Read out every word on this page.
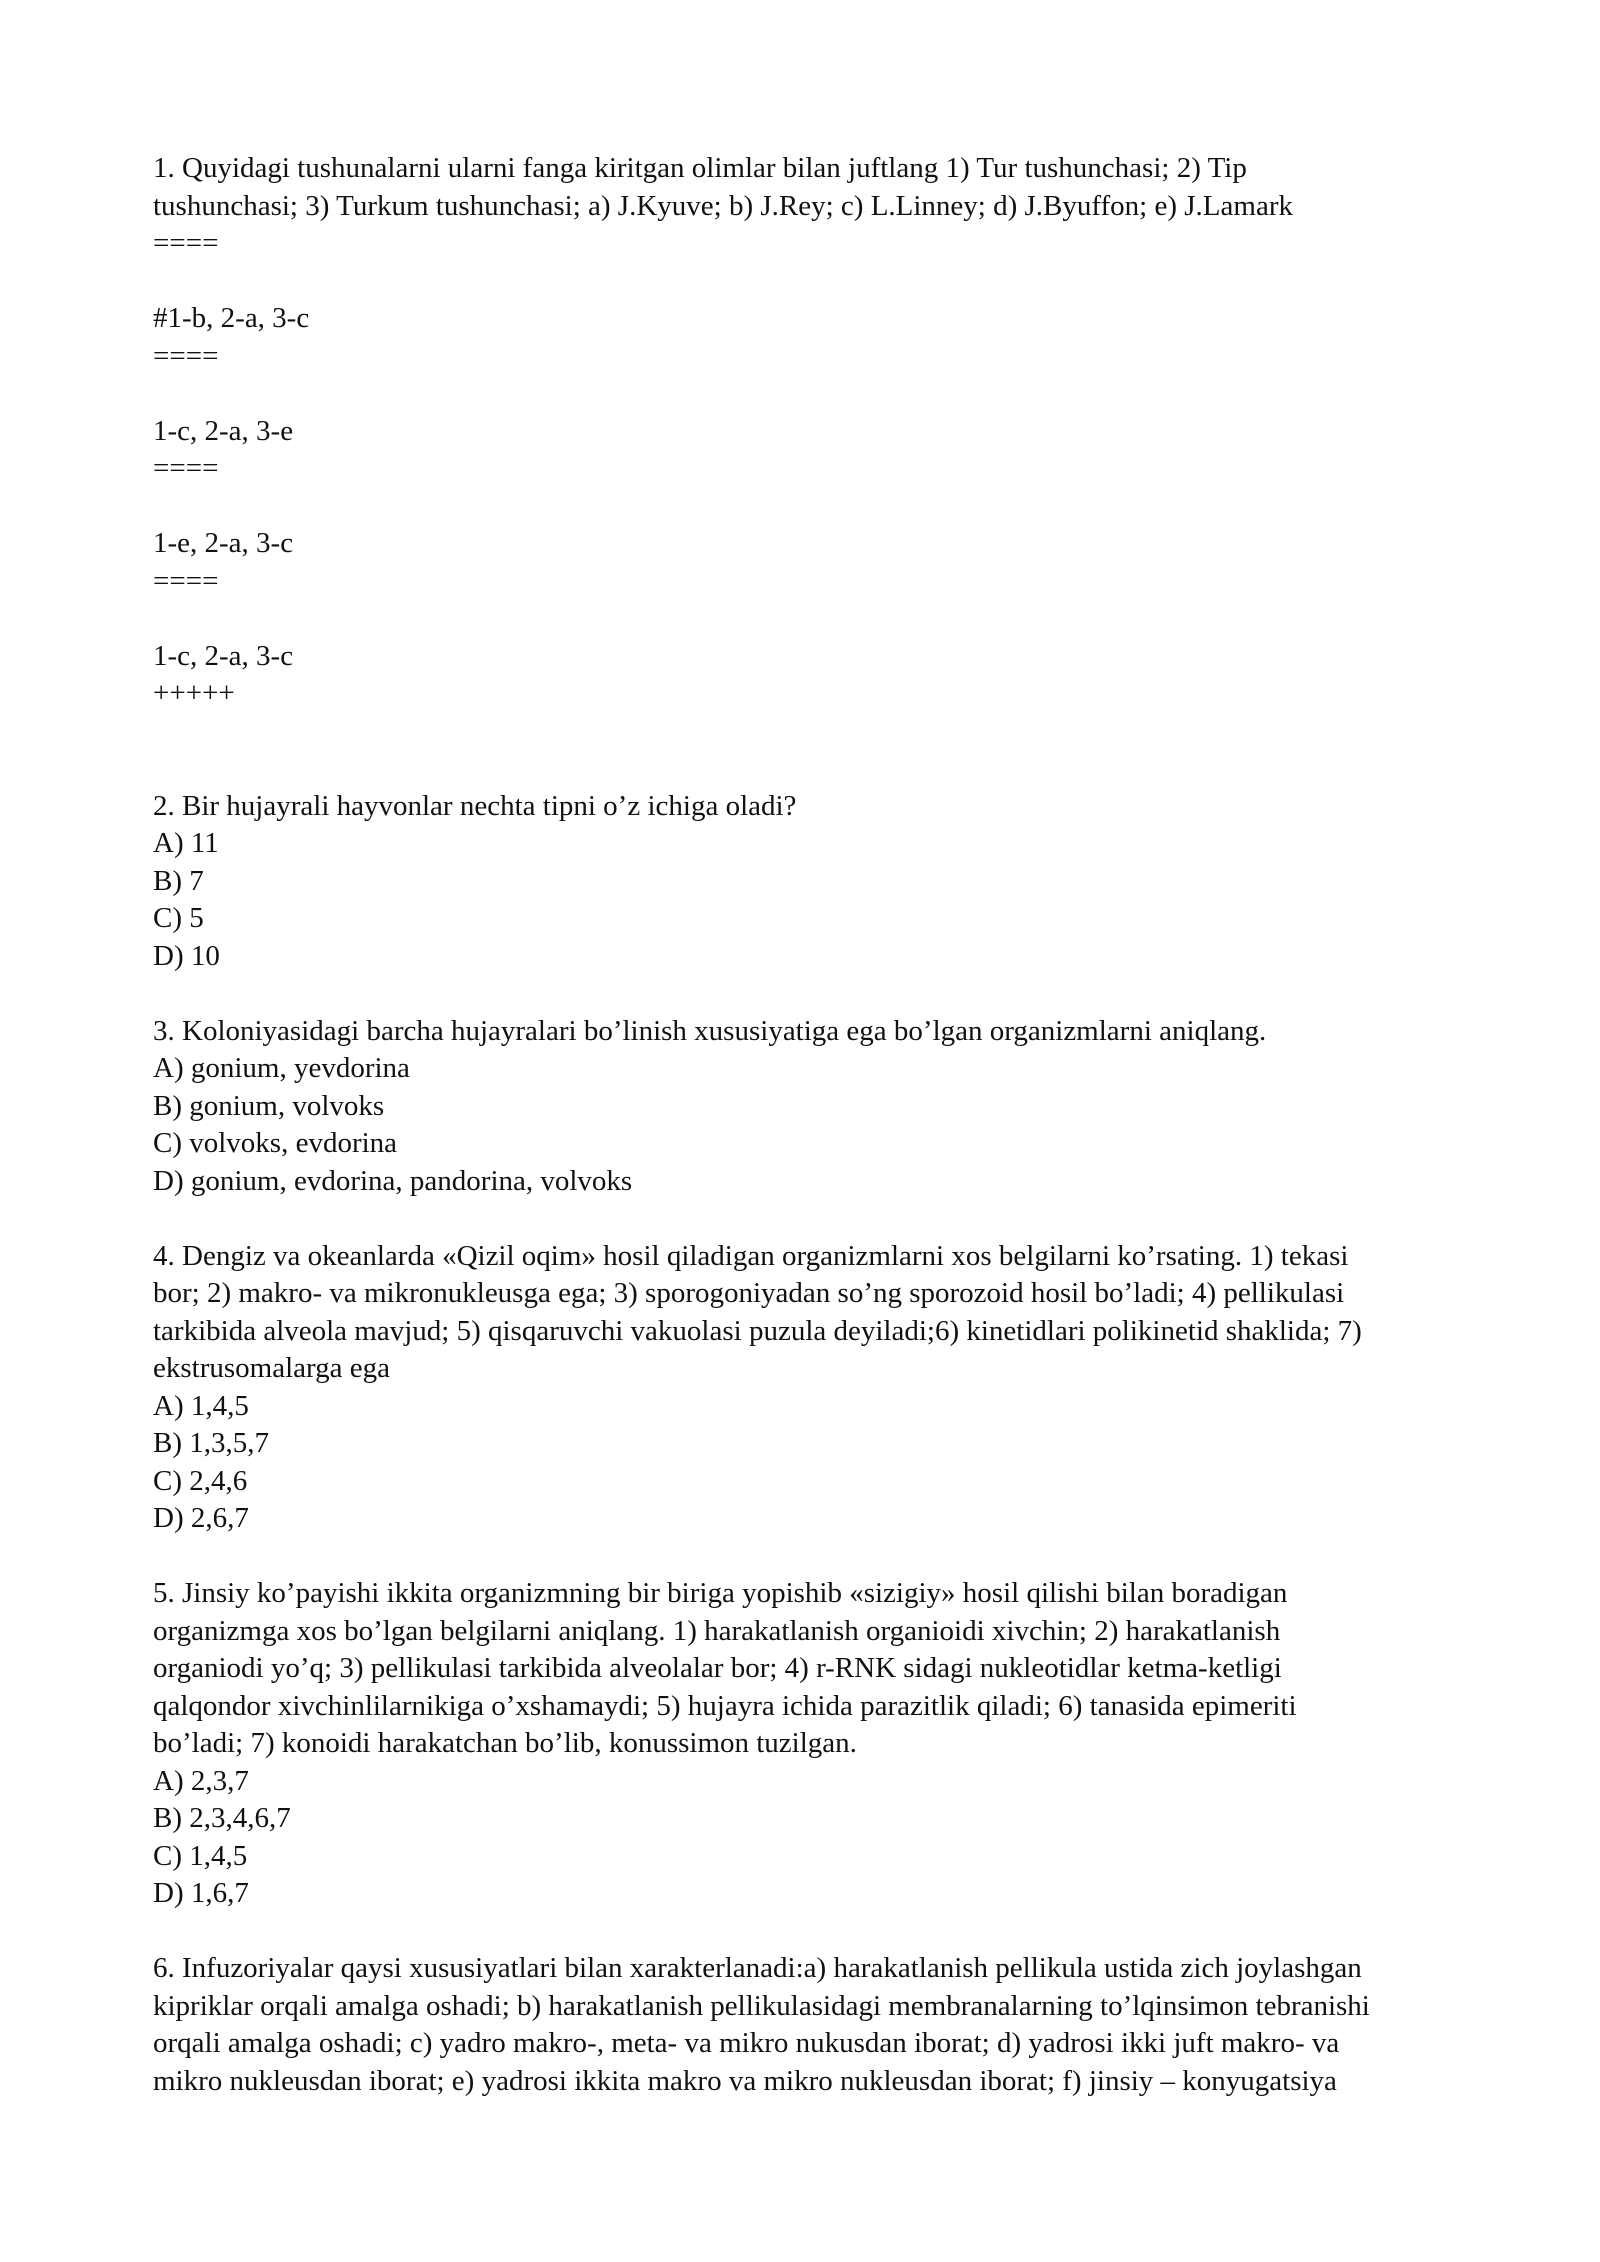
1. Quyidagi tushunalarni ularni fanga kiritgan olimlar bilan juftlang 1) Tur tushunchasi; 2) Tip
tushunchasi; 3) Turkum tushunchasi; a) J.Kyuve; b) J.Rey; c) L.Linney; d) J.Byuffon; e) J.Lamark
====
#1-b, 2-a, 3-c
====
1-c, 2-a, 3-e
====
1-e, 2-a, 3-c
====
1-c, 2-a, 3-c
+++++
2. Bir hujayrali hayvonlar nechta tipni o’z ichiga oladi?
A) 11
B) 7
C) 5
D) 10
3. Koloniyasidagi barcha hujayralari bo’linish xususiyatiga ega bo’lgan organizmlarni aniqlang.
A) gonium, yevdorina
B) gonium, volvoks
C) volvoks, evdorina
D) gonium, evdorina, pandorina, volvoks
4. Dengiz va okeanlarda «Qizil oqim» hosil qiladigan organizmlarni xos belgilarni ko’rsating. 1) tekasi
bor; 2) makro- va mikronukleusga ega; 3) sporogoniyadan so’ng sporozoid hosil bo’ladi; 4) pellikulasi
tarkibida alveola mavjud; 5) qisqaruvchi vakuolasi puzula deyiladi;6) kinetidlari polikinetid shaklida; 7)
ekstrusomalarga ega
A) 1,4,5
B) 1,3,5,7
C) 2,4,6
D) 2,6,7
5. Jinsiy ko’payishi ikkita organizmning bir biriga yopishib «sizigiy» hosil qilishi bilan boradigan
organizmga xos bo’lgan belgilarni aniqlang. 1) harakatlanish organioidi xivchin; 2) harakatlanish
organiodi yo’q; 3) pellikulasi tarkibida alveolalar bor; 4) r-RNK sidagi nukleotidlar ketma-ketligi
qalqondor xivchinlilarnikiga o’xshamaydi; 5) hujayra ichida parazitlik qiladi; 6) tanasida epimeriti
bo’ladi; 7) konoidi harakatchan bo’lib, konussimon tuzilgan.
A) 2,3,7
B) 2,3,4,6,7
C) 1,4,5
D) 1,6,7
6. Infuzoriyalar qaysi xususiyatlari bilan xarakterlanadi:a) harakatlanish pellikula ustida zich joylashgan
kipriklar orqali amalga oshadi; b) harakatlanish pellikulasidagi membranalarning to’lqinsimon tebranishi
orqali amalga oshadi; c) yadro makro-, meta- va mikro nukusdan iborat; d) yadrosi ikki juft makro- va
mikro nukleusdan iborat; e) yadrosi ikkita makro va mikro nukleusdan iborat; f) jinsiy – konyugatsiya
